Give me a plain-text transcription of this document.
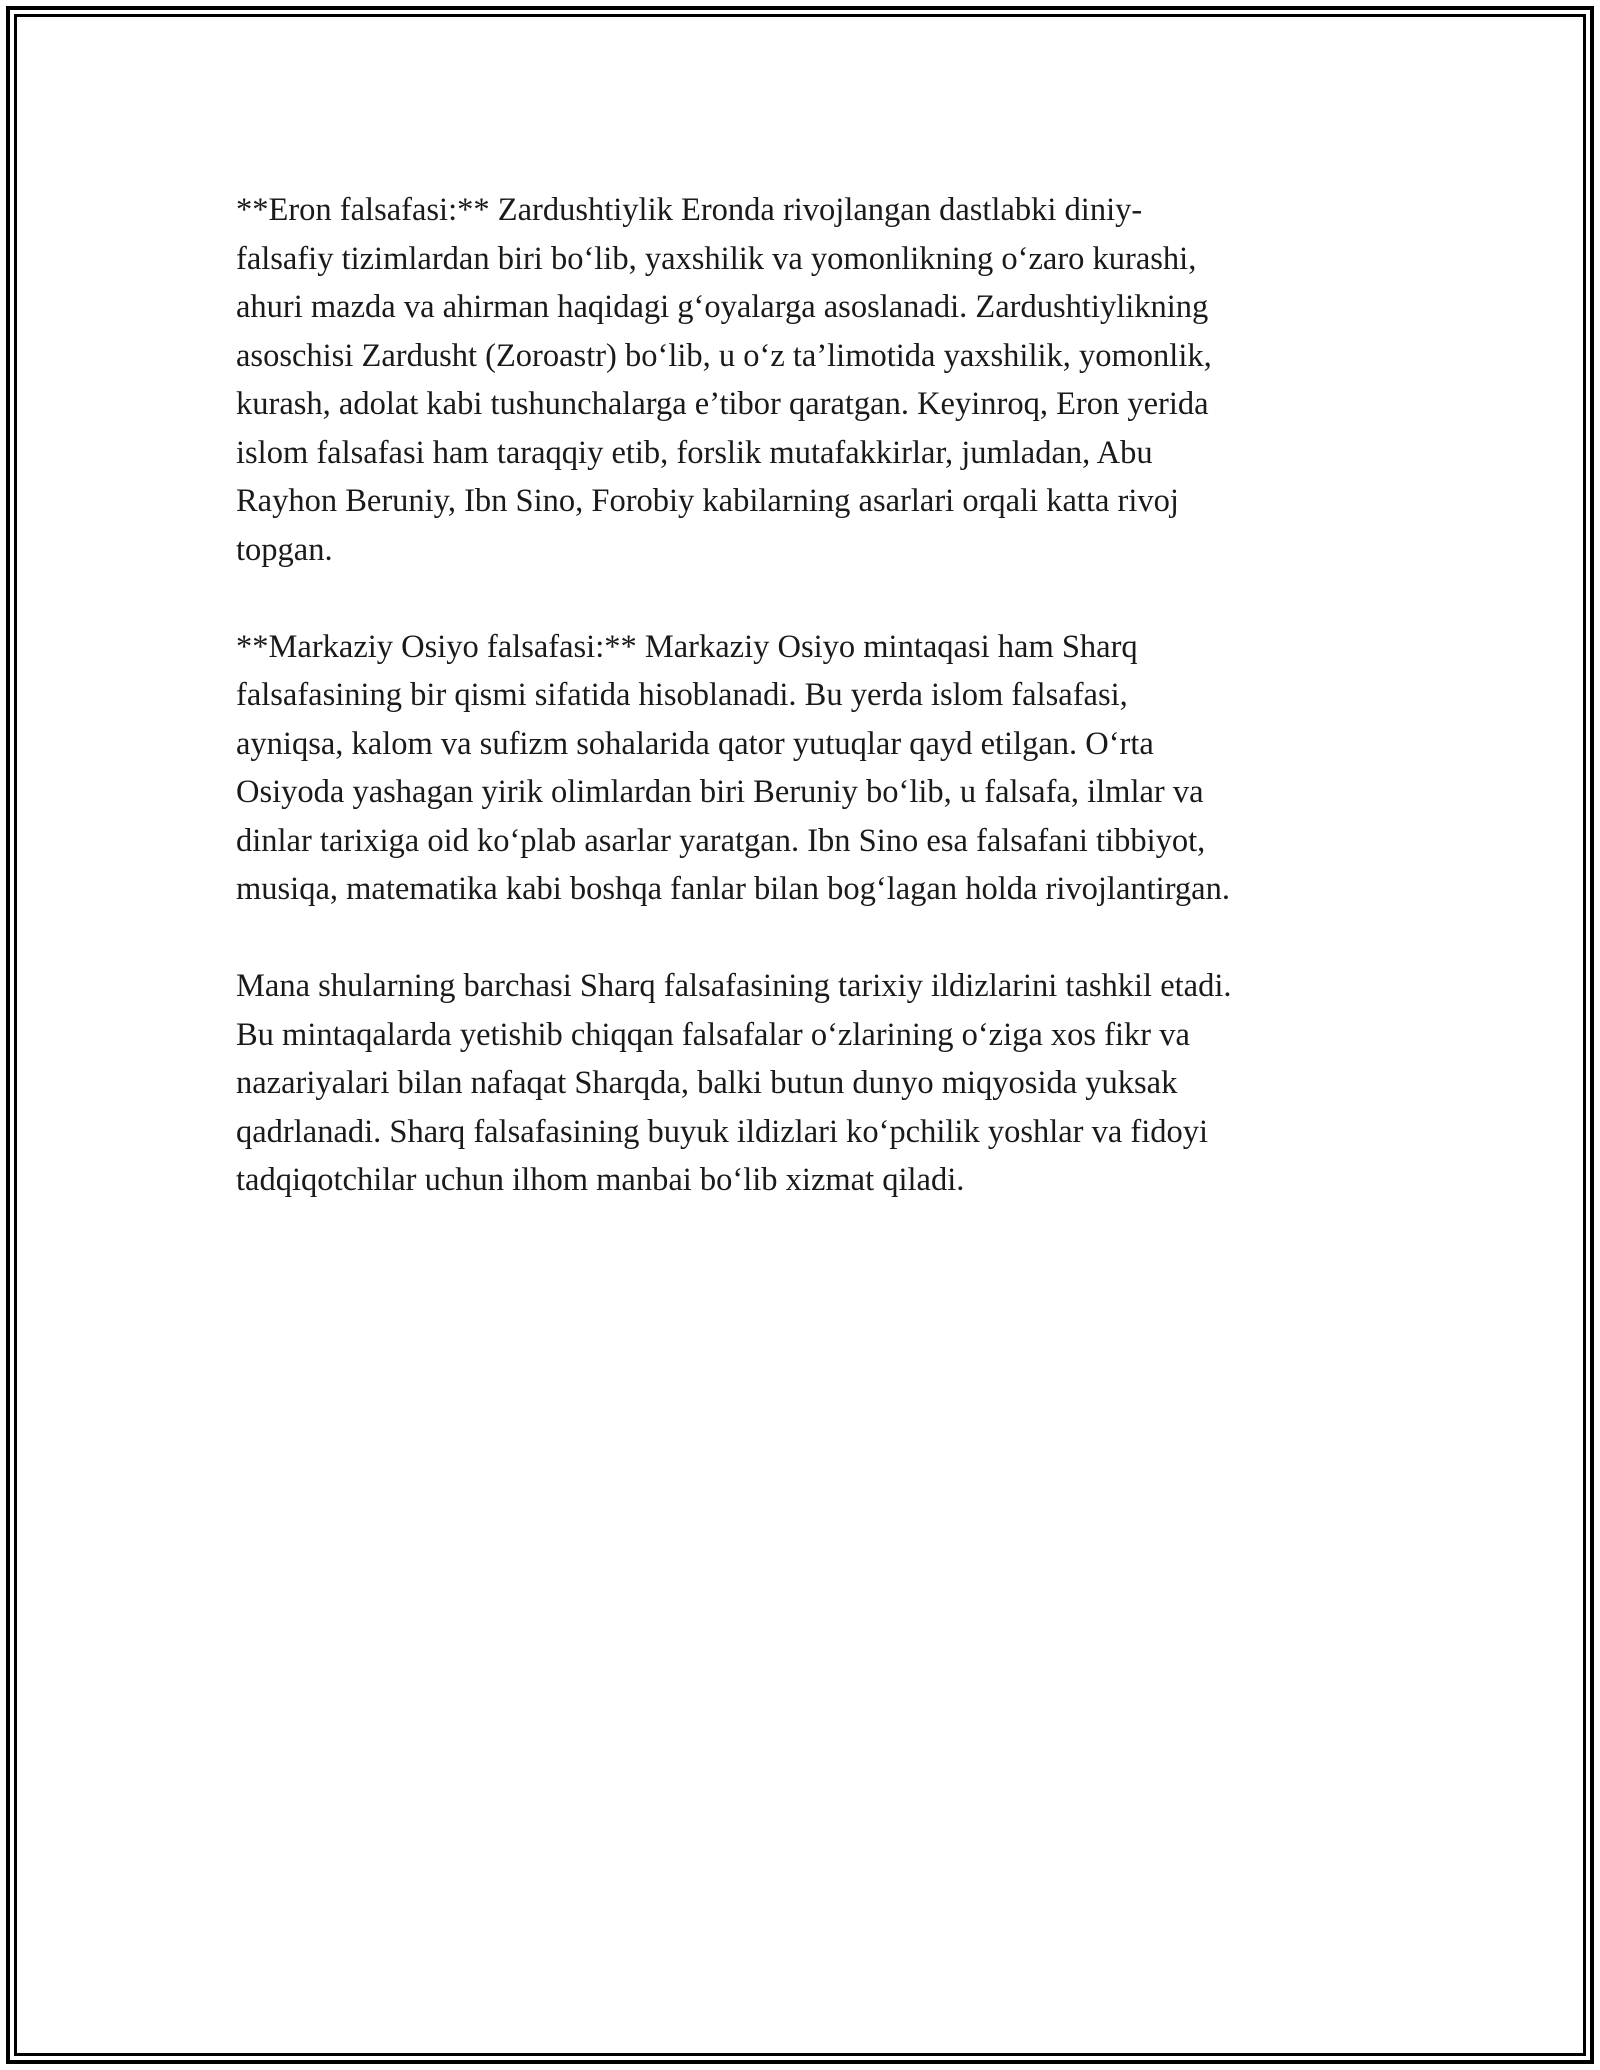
**Eron falsafasi:** Zardushtiylik Eronda rivojlangan dastlabki diniy-
falsafiy tizimlardan biri bo‘lib, yaxshilik va yomonlikning o‘zaro kurashi,
ahuri mazda va ahirman haqidagi g‘oyalarga asoslanadi. Zardushtiylikning
asoschisi Zardusht (Zoroastr) bo‘lib, u o‘z ta’limotida yaxshilik, yomonlik,
kurash, adolat kabi tushunchalarga e’tibor qaratgan. Keyinroq, Eron yerida
islom falsafasi ham taraqqiy etib, forslik mutafakkirlar, jumladan, Abu
Rayhon Beruniy, Ibn Sino, Forobiy kabilarning asarlari orqali katta rivoj
topgan.

**Markaziy Osiyo falsafasi:** Markaziy Osiyo mintaqasi ham Sharq
falsafasining bir qismi sifatida hisoblanadi. Bu yerda islom falsafasi,
ayniqsa, kalom va sufizm sohalarida qator yutuqlar qayd etilgan. O‘rta
Osiyoda yashagan yirik olimlardan biri Beruniy bo‘lib, u falsafa, ilmlar va
dinlar tarixiga oid ko‘plab asarlar yaratgan. Ibn Sino esa falsafani tibbiyot,
musiqa, matematika kabi boshqa fanlar bilan bog‘lagan holda rivojlantirgan.

Mana shularning barchasi Sharq falsafasining tarixiy ildizlarini tashkil etadi.
Bu mintaqalarda yetishib chiqqan falsafalar o‘zlarining o‘ziga xos fikr va
nazariyalari bilan nafaqat Sharqda, balki butun dunyo miqyosida yuksak
qadrlanadi. Sharq falsafasining buyuk ildizlari ko‘pchilik yoshlar va fidoyi
tadqiqotchilar uchun ilhom manbai bo‘lib xizmat qiladi.
